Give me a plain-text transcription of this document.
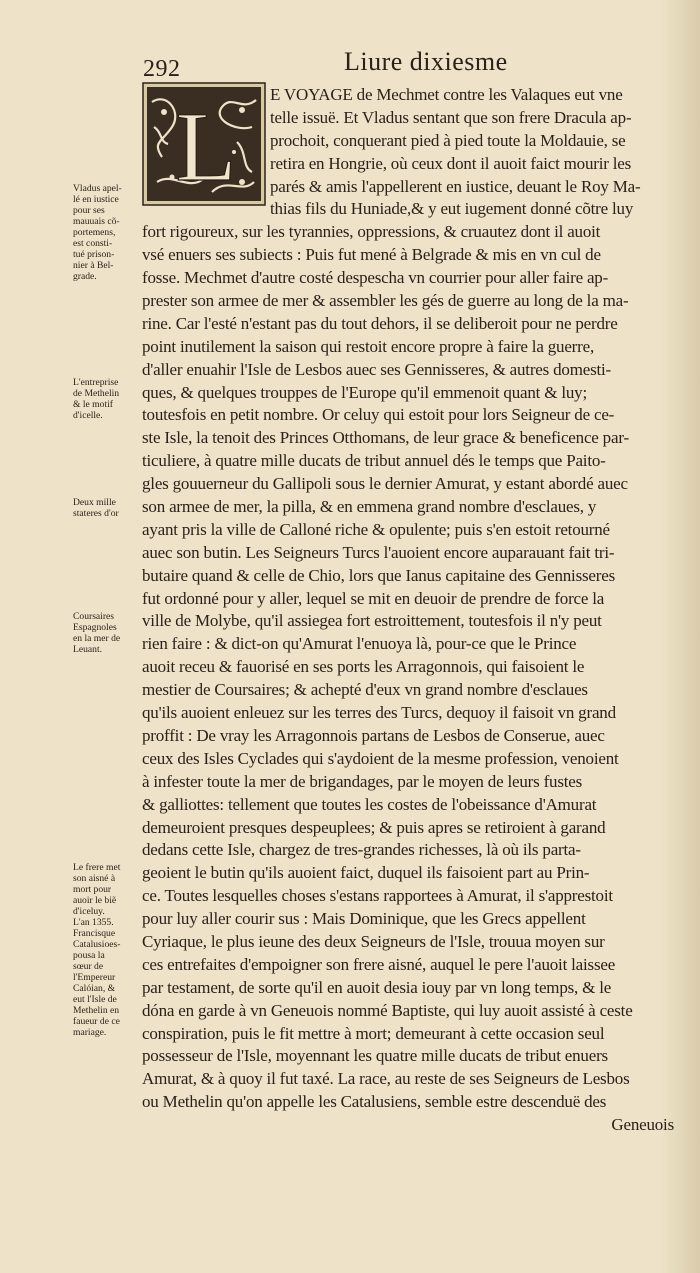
292	Liure dixiesme
L E VOYAGE de Mechmet contre les Valaques eut vne
telle issuë. Et Vladus sentant que son frere Dracula ap-
prochoit, conquerant pied à pied toute la Moldauie, se
retira en Hongrie, où ceux dont il auoit faict mourir les
parés & amis l'appellerent en iustice, deuant le Roy Ma-
thias fils du Huniade,& y eut iugement donné cõtre luy
fort rigoureux, sur les tyrannies, oppressions, & cruautez dont il auoit
vsé enuers ses subiects : Puis fut mené à Belgrade & mis en vn cul de
fosse. Mechmet d'autre costé despescha vn courrier pour aller faire ap-
prester son armee de mer & assembler les gés de guerre au long de la ma-
rine. Car l'esté n'estant pas du tout dehors, il se deliberoit pour ne perdre
point inutilement la saison qui restoit encore propre à faire la guerre,
d'aller enuahir l'Isle de Lesbos auec ses Gennisseres, & autres domesti-
ques, & quelques trouppes de l'Europe qu'il emmenoit quant & luy;
toutesfois en petit nombre. Or celuy qui estoit pour lors Seigneur de ce-
ste Isle, la tenoit des Princes Otthomans, de leur grace & beneficence par-
ticuliere, à quatre mille ducats de tribut annuel dés le temps que Paito-
gles gouuerneur du Gallipoli sous le dernier Amurat, y estant abordé auec
son armee de mer, la pilla, & en emmena grand nombre d'esclaues, y
ayant pris la ville de Calloné riche & opulente; puis s'en estoit retourné
auec son butin. Les Seigneurs Turcs l'auoient encore auparauant fait tri-
butaire quand & celle de Chio, lors que Ianus capitaine des Gennisseres
fut ordonné pour y aller, lequel se mit en deuoir de prendre de force la
ville de Molybe, qu'il assiegea fort estroittement, toutesfois il n'y peut
rien faire : & dict-on qu'Amurat l'enuoya là, pour-ce que le Prince
auoit receu & fauorisé en ses ports les Arragonnois, qui faisoient le
mestier de Coursaires; & achepté d'eux vn grand nombre d'esclaues
qu'ils auoient enleuez sur les terres des Turcs, dequoy il faisoit vn grand
proffit : De vray les Arragonnois partans de Lesbos de Conserue, auec
ceux des Isles Cyclades qui s'aydoient de la mesme profession, venoient
à infester toute la mer de brigandages, par le moyen de leurs fustes
& galliottes: tellement que toutes les costes de l'obeissance d'Amurat
demeuroient presques despeuplees; & puis apres se retiroient à garand
dedans cette Isle, chargez de tres-grandes richesses, là où ils parta-
geoient le butin qu'ils auoient faict, duquel ils faisoient part au Prin-
ce. Toutes lesquelles choses s'estans rapportees à Amurat, il s'apprestoit
pour luy aller courir sus : Mais Dominique, que les Grecs appellent
Cyriaque, le plus ieune des deux Seigneurs de l'Isle, trouua moyen sur
ces entrefaites d'empoigner son frere aisné, auquel le pere l'auoit laissee
par testament, de sorte qu'il en auoit desia iouy par vn long temps, & le
dóna en garde à vn Geneuois nommé Baptiste, qui luy auoit assisté à ceste
conspiration, puis le fit mettre à mort; demeurant à cette occasion seul
possesseur de l'Isle, moyennant les quatre mille ducats de tribut enuers
Amurat, & à quoy il fut taxé. La race, au reste de ses Seigneurs de Lesbos
ou Methelin qu'on appelle les Catalusiens, semble estre descenduë des
Geneuois
Vladus apel-
lé en iustice
pour ses
mauuais cõ-
portemens,
est consti-
tué prison-
nier à Bel-
grade.
L'entreprise
de Methelin
& le motif
d'icelle.
Deux mille
stateres d'or
Coursaires
Espagnoles
en la mer de
Leuant.
Le frere met
son aisné à
mort pour
auoir le biẽ
d'iceluy.
L'an 1355.
Francisque
Catalusioes-
pousa la
sœur de
l'Empereur
Calóian, &
eut l'Isle de
Methelin en
faueur de ce
mariage.
